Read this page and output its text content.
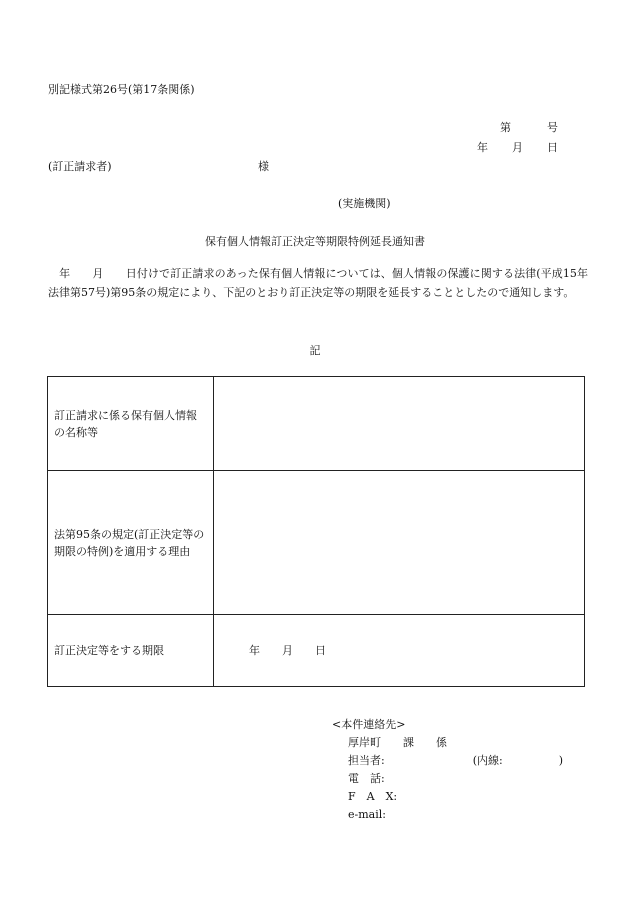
別記様式第26号(第17条関係)
第	号
年 月 日
(訂正請求者)	様
(実施機関)
保有個人情報訂正決定等期限特例延長通知書
　年　　月　　日付けで訂正請求のあった保有個人情報については、個人情報の保護に関する法律(平成15年法律第57号)第95条の規定により、下記のとおり訂正決定等の期限を延長することとしたので通知します。
記
訂正請求に係る保有個人情報の名称等	
法第95条の規定(訂正決定等の期限の特例)を適用する理由	
訂正決定等をする期限	年 月 日
<本件連絡先>
厚岸町 課 係
担当者:	(内線:	)
電　話:
F　A　X:
e-mail:
